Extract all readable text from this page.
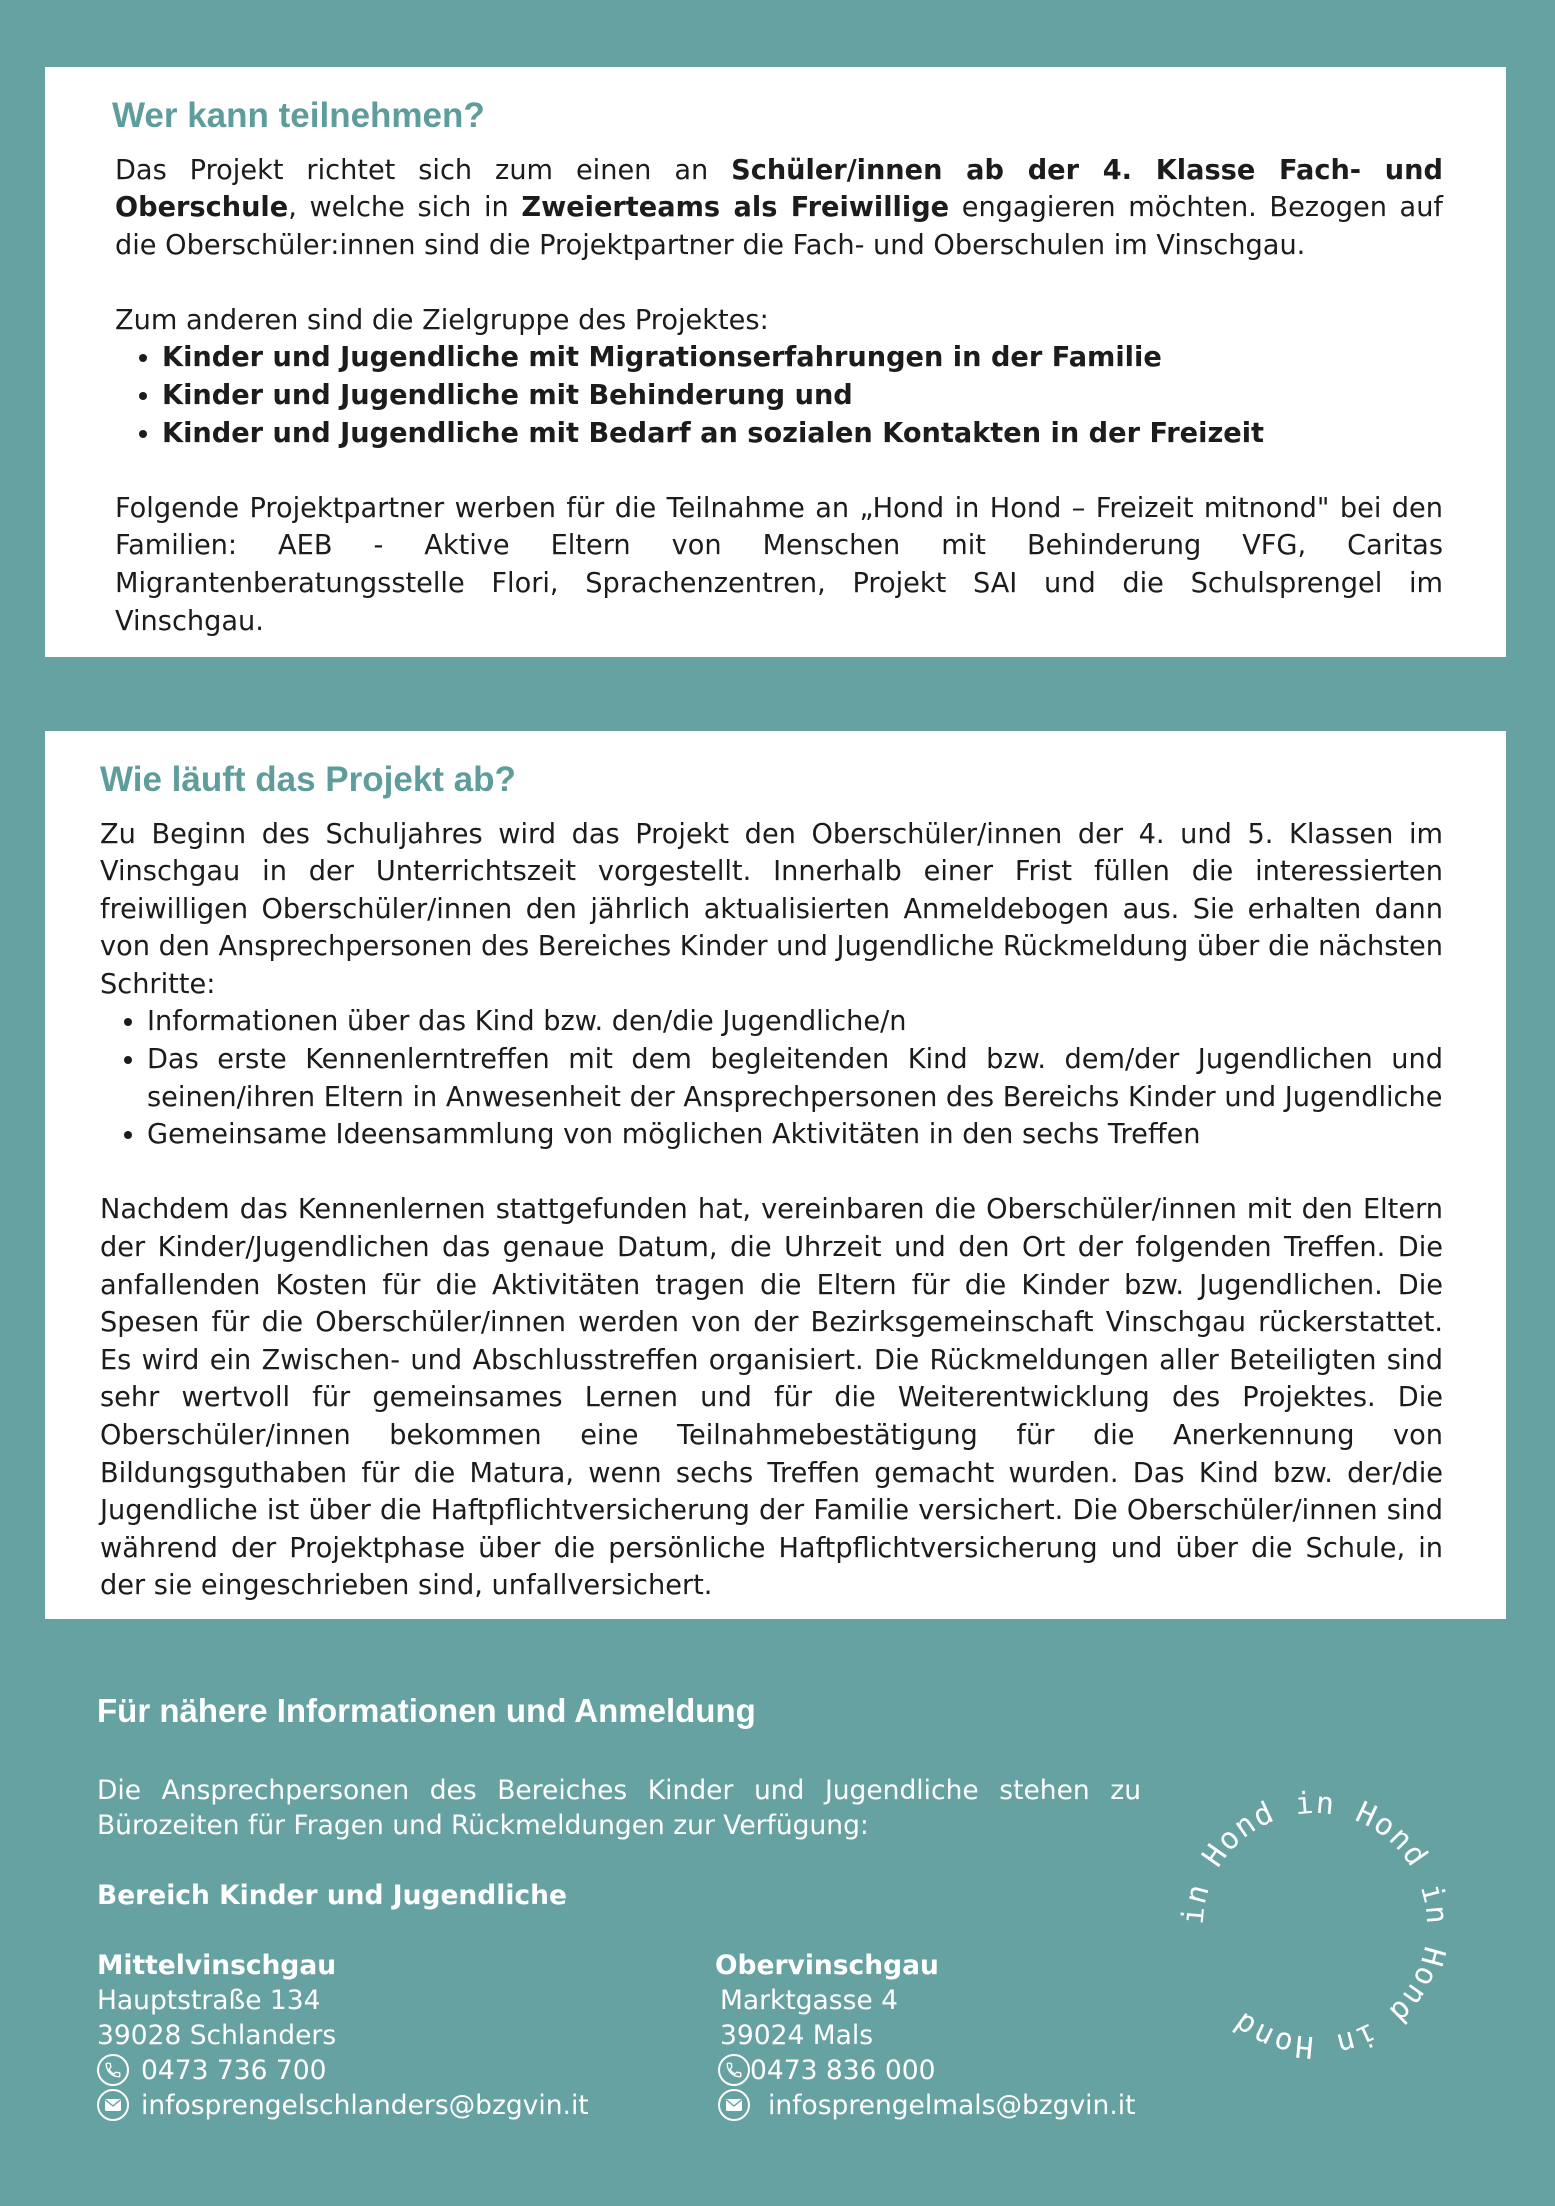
Wer kann teilnehmen?

Das Projekt richtet sich zum einen an Schüler/innen ab der 4. Klasse Fach- und Oberschule, welche sich in Zweierteams als Freiwillige engagieren möchten. Bezogen auf die Oberschüler:innen sind die Projektpartner die Fach- und Oberschulen im Vinschgau.

Zum anderen sind die Zielgruppe des Projektes:

• Kinder und Jugendliche mit Migrationserfahrungen in der Familie
• Kinder und Jugendliche mit Behinderung und
• Kinder und Jugendliche mit Bedarf an sozialen Kontakten in der Freizeit

Folgende Projektpartner werben für die Teilnahme an „Hond in Hond – Freizeit mitnond" bei den Familien: AEB - Aktive Eltern von Menschen mit Behinderung VFG, Caritas Migrantenberatungsstelle Flori, Sprachenzentren, Projekt SAI und die Schulsprengel im Vinschgau.

Wie läuft das Projekt ab?

Zu Beginn des Schuljahres wird das Projekt den Oberschüler/innen der 4. und 5. Klassen im Vinschgau in der Unterrichtszeit vorgestellt. Innerhalb einer Frist füllen die interessierten freiwilligen Oberschüler/innen den jährlich aktualisierten Anmeldebogen aus. Sie erhalten dann von den Ansprechpersonen des Bereiches Kinder und Jugendliche Rückmeldung über die nächsten Schritte:

• Informationen über das Kind bzw. den/die Jugendliche/n
• Das erste Kennenlerntreffen mit dem begleitenden Kind bzw. dem/der Jugendlichen und seinen/ihren Eltern in Anwesenheit der Ansprechpersonen des Bereichs Kinder und Jugendliche
• Gemeinsame Ideensammlung von möglichen Aktivitäten in den sechs Treffen

Nachdem das Kennenlernen stattgefunden hat, vereinbaren die Oberschüler/innen mit den Eltern der Kinder/Jugendlichen das genaue Datum, die Uhrzeit und den Ort der folgenden Treffen. Die anfallenden Kosten für die Aktivitäten tragen die Eltern für die Kinder bzw. Jugendlichen. Die Spesen für die Oberschüler/innen werden von der Bezirksgemeinschaft Vinschgau rückerstattet. Es wird ein Zwischen- und Abschlusstreffen organisiert. Die Rückmeldungen aller Beteiligten sind sehr wertvoll für gemeinsames Lernen und für die Weiterentwicklung des Projektes. Die Oberschüler/innen bekommen eine Teilnahmebestätigung für die Anerkennung von Bildungsguthaben für die Matura, wenn sechs Treffen gemacht wurden. Das Kind bzw. der/die Jugendliche ist über die Haftpflichtversicherung der Familie versichert. Die Oberschüler/innen sind während der Projektphase über die persönliche Haftpflichtversicherung und über die Schule, in der sie eingeschrieben sind, unfallversichert.

Für nähere Informationen und Anmeldung

Die Ansprechpersonen des Bereiches Kinder und Jugendliche stehen zu Bürozeiten für Fragen und Rückmeldungen zur Verfügung:

Bereich Kinder und Jugendliche

Mittelvinschgau
Hauptstraße 134
39028 Schlanders
0473 736 700
infosprengelschlanders@bzgvin.it
Obervinschgau
Marktgasse 4
39024 Mals
0473 836 000
infosprengelmals@bzgvin.it
in Hond in Hond in Hond in Hond
